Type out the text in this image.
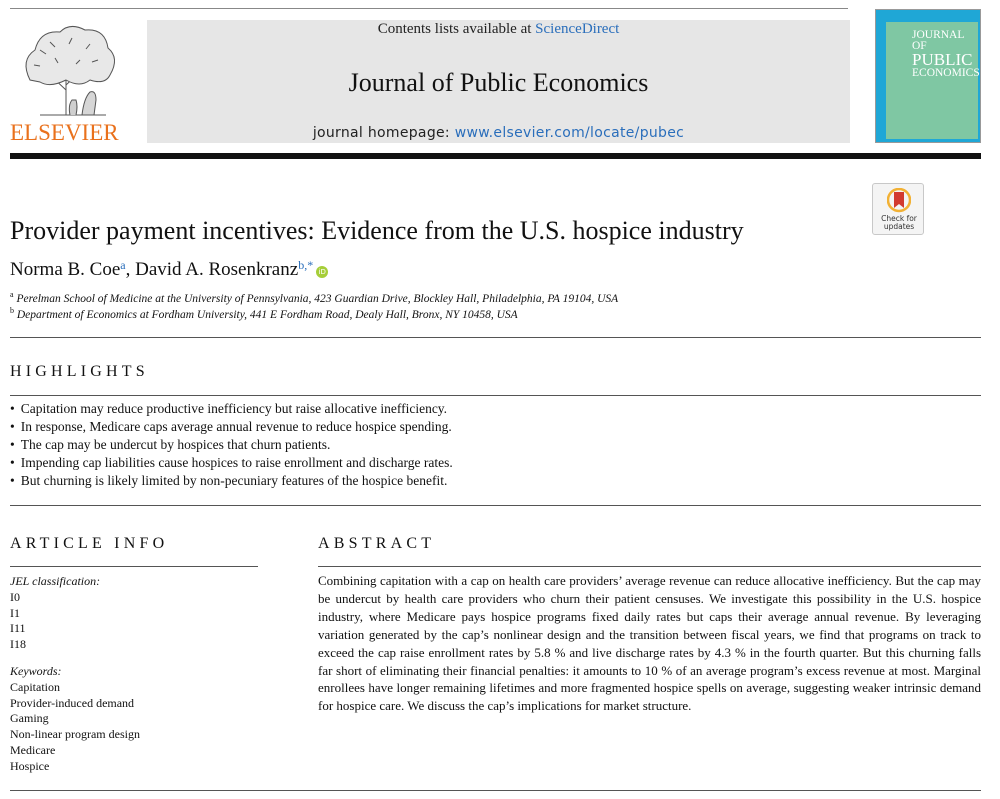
ELSEVIER
Contents lists available at ScienceDirect
Journal of Public Economics
journal homepage: www.elsevier.com/locate/pubec
JOURNAL OF
PUBLIC
ECONOMICS
Check for
updates
Provider payment incentives: Evidence from the U.S. hospice industry
Norma B. Coe$^a$, David A. Rosenkranz$^{b,*}$ iD
$^a$ Perelman School of Medicine at the University of Pennsylvania, 423 Guardian Drive, Blockley Hall, Philadelphia, PA 19104, USA
$^b$ Department of Economics at Fordham University, 441 E Fordham Road, Dealy Hall, Bronx, NY 10458, USA
HIGHLIGHTS
• Capitation may reduce productive inefficiency but raise allocative inefficiency.
• In response, Medicare caps average annual revenue to reduce hospice spending.
• The cap may be undercut by hospices that churn patients.
• Impending cap liabilities cause hospices to raise enrollment and discharge rates.
• But churning is likely limited by non-pecuniary features of the hospice benefit.
ARTICLE INFO
JEL classification:
I0
I1
I11
I18
Keywords:
Capitation
Provider-induced demand
Gaming
Non-linear program design
Medicare
Hospice
ABSTRACT
Combining capitation with a cap on health care providers’ average revenue can reduce allocative inefficiency. But the cap may be undercut by health care providers who churn their patient censuses. We investigate this possibility in the U.S. hospice industry, where Medicare pays hospice programs fixed daily rates but caps their average annual revenue. By leveraging variation generated by the cap’s nonlinear design and the transition between fiscal years, we find that programs on track to exceed the cap raise enrollment rates by 5.8 % and live discharge rates by 4.3 % in the fourth quarter. But this churning falls far short of eliminating their financial penalties: it amounts to 10 % of an average program’s excess revenue at most. Marginal enrollees have longer remaining lifetimes and more fragmented hospice spells on average, suggesting weaker intrinsic demand for hospice care. We discuss the cap’s implications for market structure.
